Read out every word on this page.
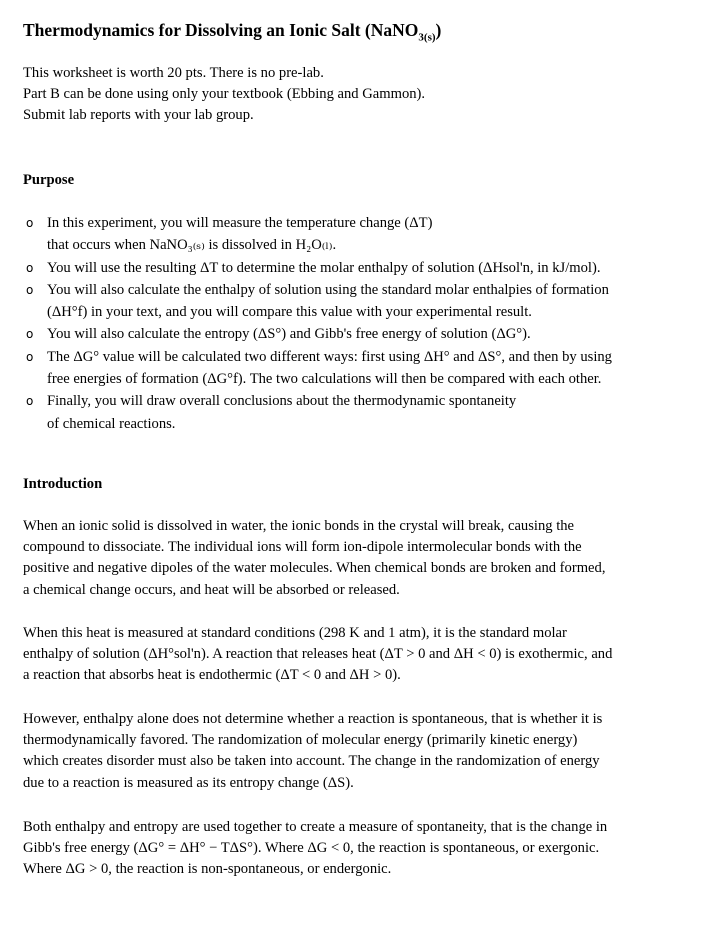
Thermodynamics for Dissolving an Ionic Salt (NaNO$_{3(s)}$)
This worksheet is worth 20 pts. There is no pre-lab.
Part B can be done using only your textbook (Ebbing and Gammon).
Submit lab reports with your lab group.
Purpose
o In this experiment, you will measure the temperature change (ΔT)
that occurs when NaNO₃₍ₛ₎ is dissolved in H₂O₍ₗ₎.
o You will use the resulting ΔT to determine the molar enthalpy of solution (ΔHsol'n, in kJ/mol).
o You will also calculate the enthalpy of solution using the standard molar enthalpies of formation
(ΔH°f) in your text, and you will compare this value with your experimental result.
o You will also calculate the entropy (ΔS°) and Gibb's free energy of solution (ΔG°).
o The ΔG° value will be calculated two different ways: first using ΔH° and ΔS°, and then by using
free energies of formation (ΔG°f). The two calculations will then be compared with each other.
o Finally, you will draw overall conclusions about the thermodynamic spontaneity
of chemical reactions.
Introduction
When an ionic solid is dissolved in water, the ionic bonds in the crystal will break, causing the
compound to dissociate. The individual ions will form ion-dipole intermolecular bonds with the
positive and negative dipoles of the water molecules. When chemical bonds are broken and formed,
a chemical change occurs, and heat will be absorbed or released.
When this heat is measured at standard conditions (298 K and 1 atm), it is the standard molar
enthalpy of solution (ΔH°sol'n). A reaction that releases heat (ΔT > 0 and ΔH < 0) is exothermic, and
a reaction that absorbs heat is endothermic (ΔT < 0 and ΔH > 0).
However, enthalpy alone does not determine whether a reaction is spontaneous, that is whether it is
thermodynamically favored. The randomization of molecular energy (primarily kinetic energy)
which creates disorder must also be taken into account. The change in the randomization of energy
due to a reaction is measured as its entropy change (ΔS).
Both enthalpy and entropy are used together to create a measure of spontaneity, that is the change in
Gibb's free energy (ΔG° = ΔH° − TΔS°). Where ΔG < 0, the reaction is spontaneous, or exergonic.
Where ΔG > 0, the reaction is non-spontaneous, or endergonic.
